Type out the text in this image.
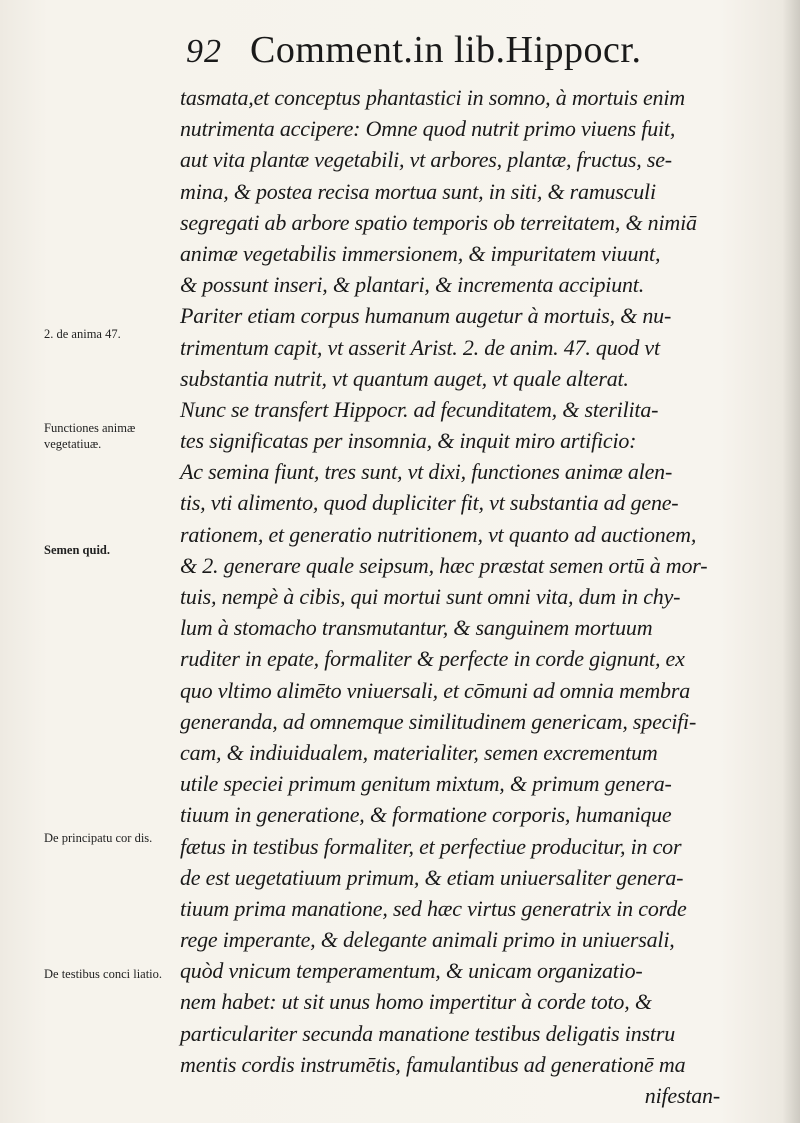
92 Comment.in lib.Hippocr.
tasmata,et conceptus phantastici in somno, à mortuis enim
nutrimenta accipere: Omne quod nutrit primo viuens fuit,
aut vita plantæ vegetabili, vt arbores, plantæ, fructus, se-
mina, & postea recisa mortua sunt, in siti, & ramusculi
segregati ab arbore spatio temporis ob terreitatem, & nimiā
animæ vegetabilis immersionem, & impuritatem viuunt,
& possunt inseri, & plantari, & incrementa accipiunt.
Pariter etiam corpus humanum augetur à mortuis, & nu-
trimentum capit, vt asserit Arist. 2. de anim. 47. quod vt
substantia nutrit, vt quantum auget, vt quale alterat.
Nunc se transfert Hippocr. ad fecunditatem, & sterilita-
tes significatas per insomnia, & inquit miro artificio:
Ac semina fiunt, tres sunt, vt dixi, functiones animæ alen-
tis, vti alimento, quod dupliciter fit, vt substantia ad gene-
rationem, et generatio nutritionem, vt quanto ad auctionem,
& 2. generare quale seipsum, hæc præstat semen ortū à mor-
tuis, nempè à cibis, qui mortui sunt omni vita, dum in chy-
lum à stomacho transmutantur, & sanguinem mortuum
ruditer in epate, formaliter & perfecte in corde gignunt, ex
quo vltimo alimēto vniuersali, et cōmuni ad omnia membra
generanda, ad omnemque similitudinem genericam, specifi-
cam, & indiuidualem, materialiter, semen excrementum
utile speciei primum genitum mixtum, & primum genera-
tiuum in generatione, & formatione corporis, humanique
fætus in testibus formaliter, et perfectiue producitur, in cor
de est uegetatiuum primum, & etiam uniuersaliter genera-
tiuum prima manatione, sed hæc virtus generatrix in corde
rege imperante, & delegante animali primo in uniuersali,
quòd vnicum temperamentum, & unicam organizatio-
nem habet: ut sit unus homo impertitur à corde toto, &
particulariter secunda manatione testibus deligatis instru
mentis cordis instrumētis, famulantibus ad generationē ma
nifestan-
2. de anima 47.
Functiones animæ vegetatiuæ.
Semen quid.
De principatu cor dis.
De testibus conci liatio.
